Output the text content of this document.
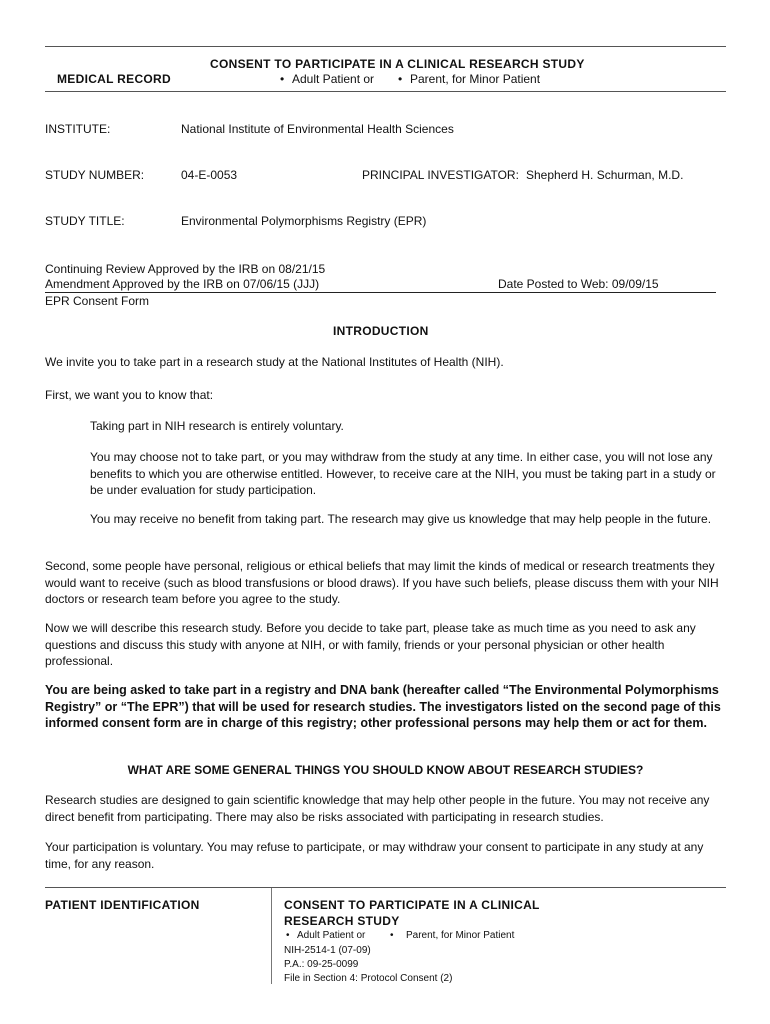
MEDICAL RECORD
CONSENT TO PARTICIPATE IN A CLINICAL RESEARCH STUDY
• Adult Patient or • Parent, for Minor Patient
INSTITUTE:	National Institute of Environmental Health Sciences
STUDY NUMBER:	04-E-0053	PRINCIPAL INVESTIGATOR: Shepherd H. Schurman, M.D.
STUDY TITLE:	Environmental Polymorphisms Registry (EPR)
Continuing Review Approved by the IRB on 08/21/15
Amendment Approved by the IRB on 07/06/15 (JJJ)	Date Posted to Web: 09/09/15
EPR Consent Form
INTRODUCTION
We invite you to take part in a research study at the National Institutes of Health (NIH).
First, we want you to know that:
Taking part in NIH research is entirely voluntary.
You may choose not to take part, or you may withdraw from the study at any time. In either case, you will not lose any benefits to which you are otherwise entitled. However, to receive care at the NIH, you must be taking part in a study or be under evaluation for study participation.
You may receive no benefit from taking part. The research may give us knowledge that may help people in the future.
Second, some people have personal, religious or ethical beliefs that may limit the kinds of medical or research treatments they would want to receive (such as blood transfusions or blood draws). If you have such beliefs, please discuss them with your NIH doctors or research team before you agree to the study.
Now we will describe this research study. Before you decide to take part, please take as much time as you need to ask any questions and discuss this study with anyone at NIH, or with family, friends or your personal physician or other health professional.
You are being asked to take part in a registry and DNA bank (hereafter called “The Environmental Polymorphisms Registry” or “The EPR”) that will be used for research studies. The investigators listed on the second page of this informed consent form are in charge of this registry; other professional persons may help them or act for them.
WHAT ARE SOME GENERAL THINGS YOU SHOULD KNOW ABOUT RESEARCH STUDIES?
Research studies are designed to gain scientific knowledge that may help other people in the future. You may not receive any direct benefit from participating. There may also be risks associated with participating in research studies.
Your participation is voluntary. You may refuse to participate, or may withdraw your consent to participate in any study at any time, for any reason.
PATIENT IDENTIFICATION	CONSENT TO PARTICIPATE IN A CLINICAL RESEARCH STUDY
• Adult Patient or • Parent, for Minor Patient
NIH-2514-1 (07-09)
P.A.: 09-25-0099
File in Section 4: Protocol Consent (2)
